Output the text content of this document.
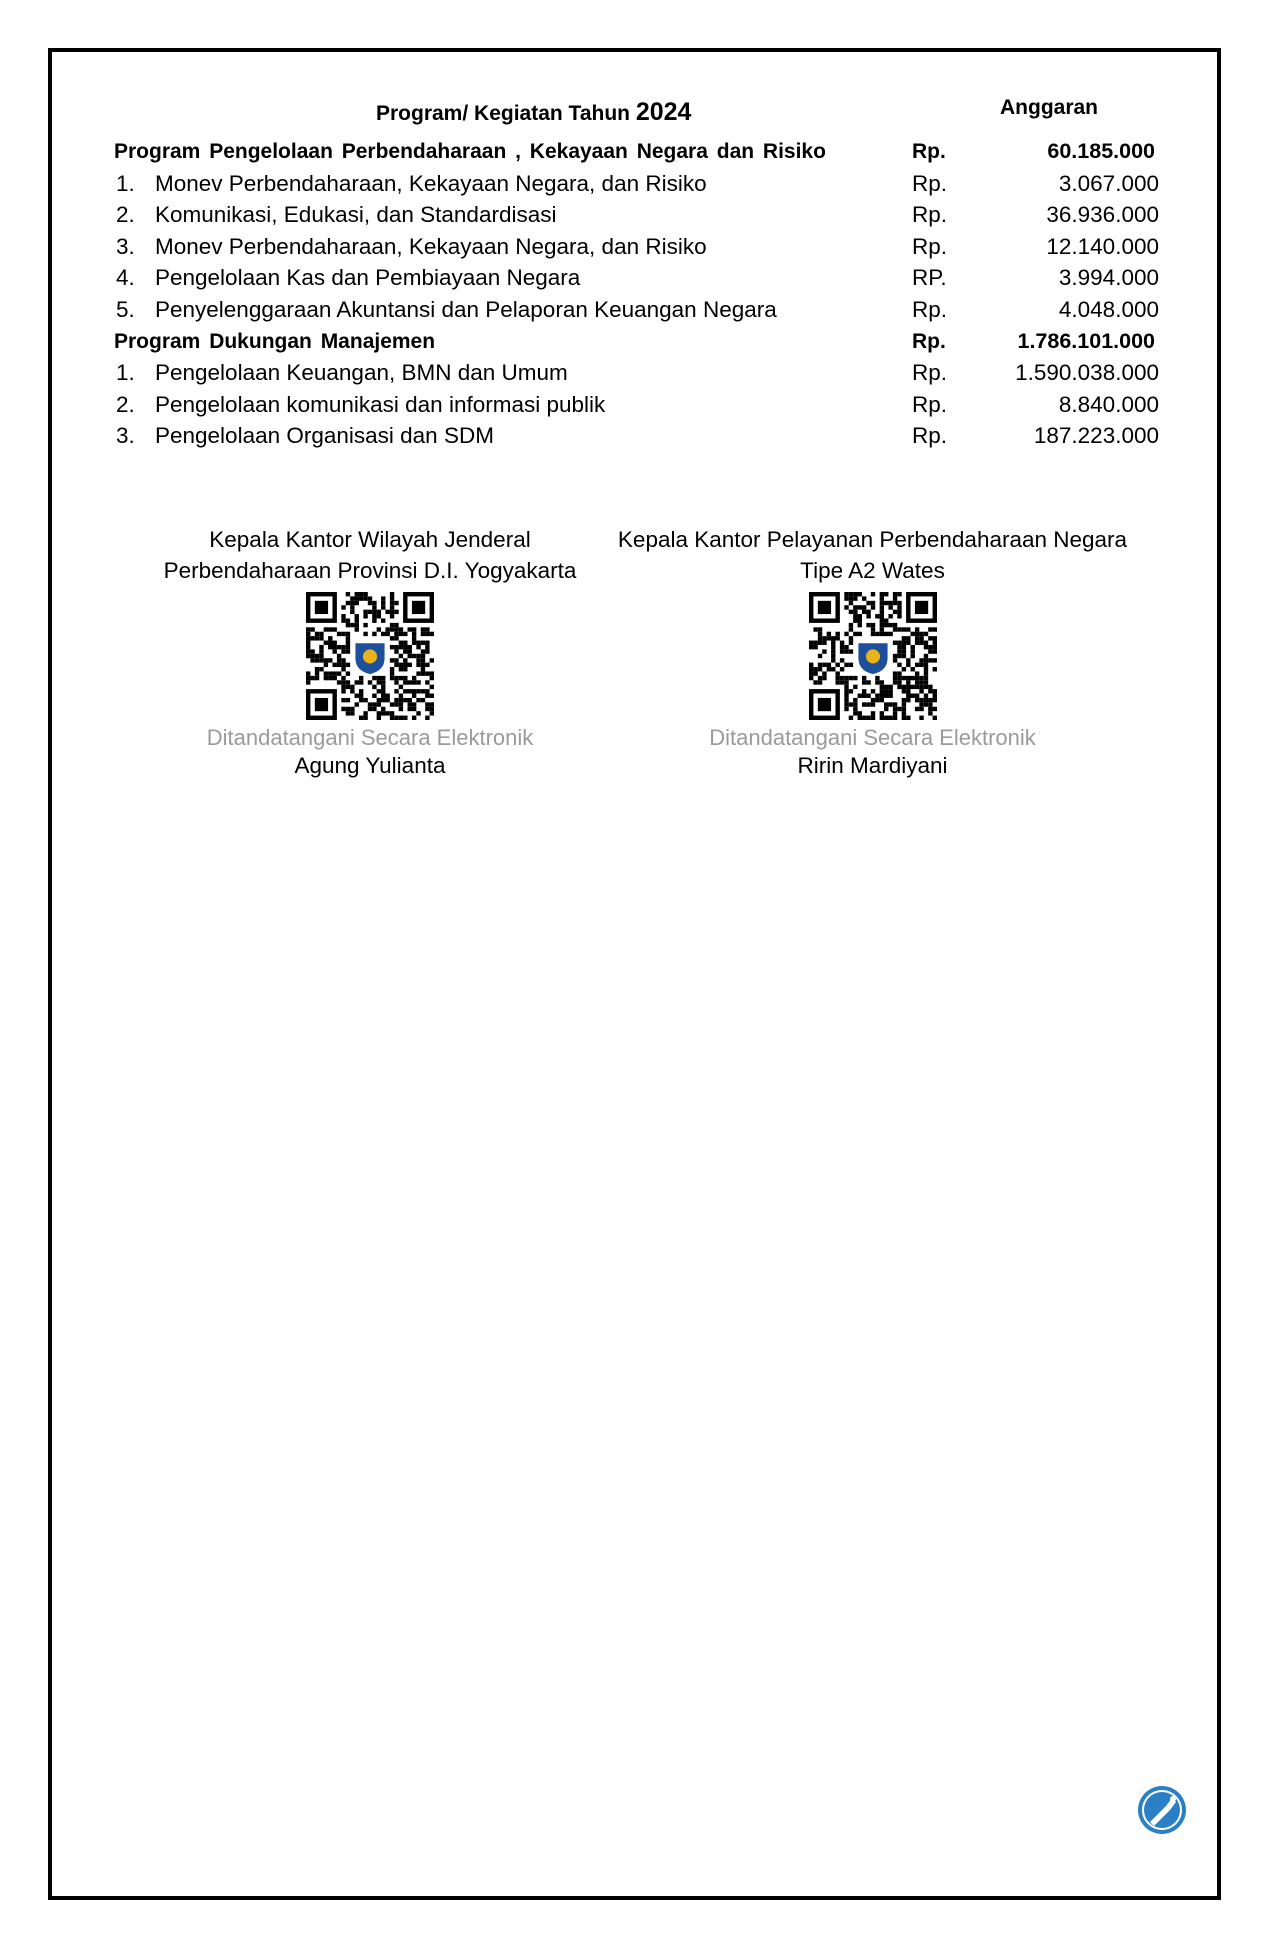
Program/ Kegiatan Tahun 2024	Anggaran
Program Pengelolaan Perbendaharaan , Kekayaan Negara dan Risiko	Rp.	60.185.000
1. Monev Perbendaharaan, Kekayaan Negara, dan Risiko	Rp.	3.067.000
2. Komunikasi, Edukasi, dan Standardisasi	Rp.	36.936.000
3. Monev Perbendaharaan, Kekayaan Negara, dan Risiko	Rp.	12.140.000
4. Pengelolaan Kas dan Pembiayaan Negara	RP.	3.994.000
5. Penyelenggaraan Akuntansi dan Pelaporan Keuangan Negara	Rp.	4.048.000
Program Dukungan Manajemen	Rp.	1.786.101.000
1. Pengelolaan Keuangan, BMN dan Umum	Rp.	1.590.038.000
2. Pengelolaan komunikasi dan informasi publik	Rp.	8.840.000
3. Pengelolaan Organisasi dan SDM	Rp.	187.223.000
Kepala Kantor Wilayah Jenderal
Perbendaharaan Provinsi D.I. Yogyakarta
Ditandatangani Secara Elektronik
Agung Yulianta
Kepala Kantor Pelayanan Perbendaharaan Negara
Tipe A2 Wates
Ditandatangani Secara Elektronik
Ririn Mardiyani
